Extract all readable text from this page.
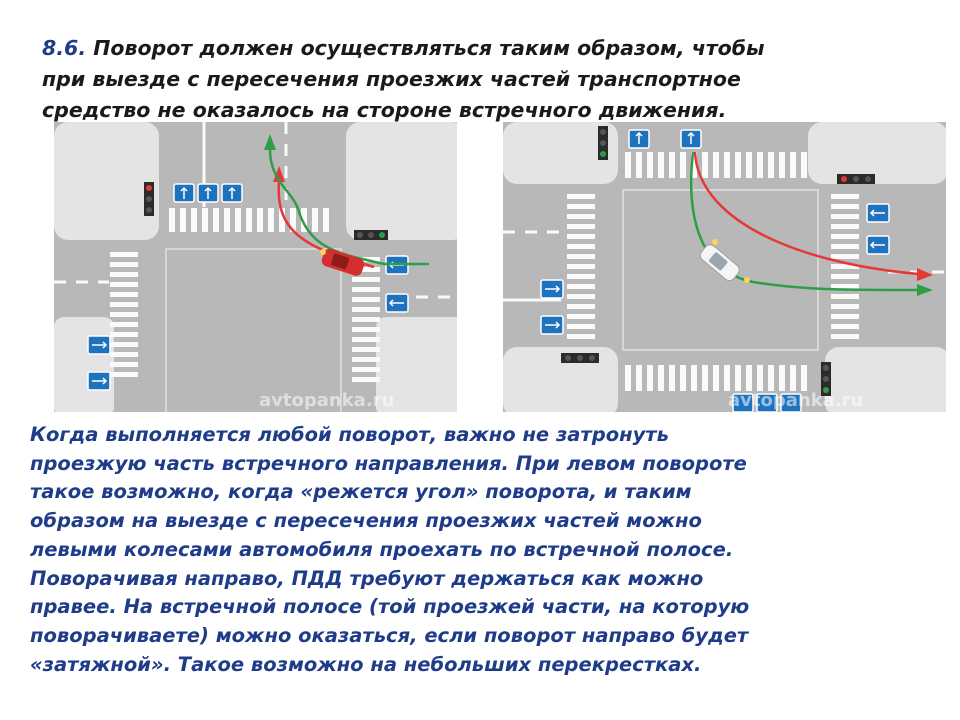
8.6. Поворот должен осуществляться таким образом, чтобы
при выезде с пересечения проезжих частей транспортное
средство не оказалось на стороне встречного движения.
avtopanka.ru	avtopanka.ru

Когда выполняется любой поворот, важно не затронуть
проезжую часть встречного направления. При левом повороте
такое возможно, когда «режется угол» поворота, и таким
образом на выезде с пересечения проезжих частей можно
левыми колесами автомобиля проехать по встречной полосе.
Поворачивая направо, ПДД требуют держаться как можно
правее. На встречной полосе (той проезжей части, на которую
поворачиваете) можно оказаться, если поворот направо будет
«затяжной». Такое возможно на небольших перекрестках.
